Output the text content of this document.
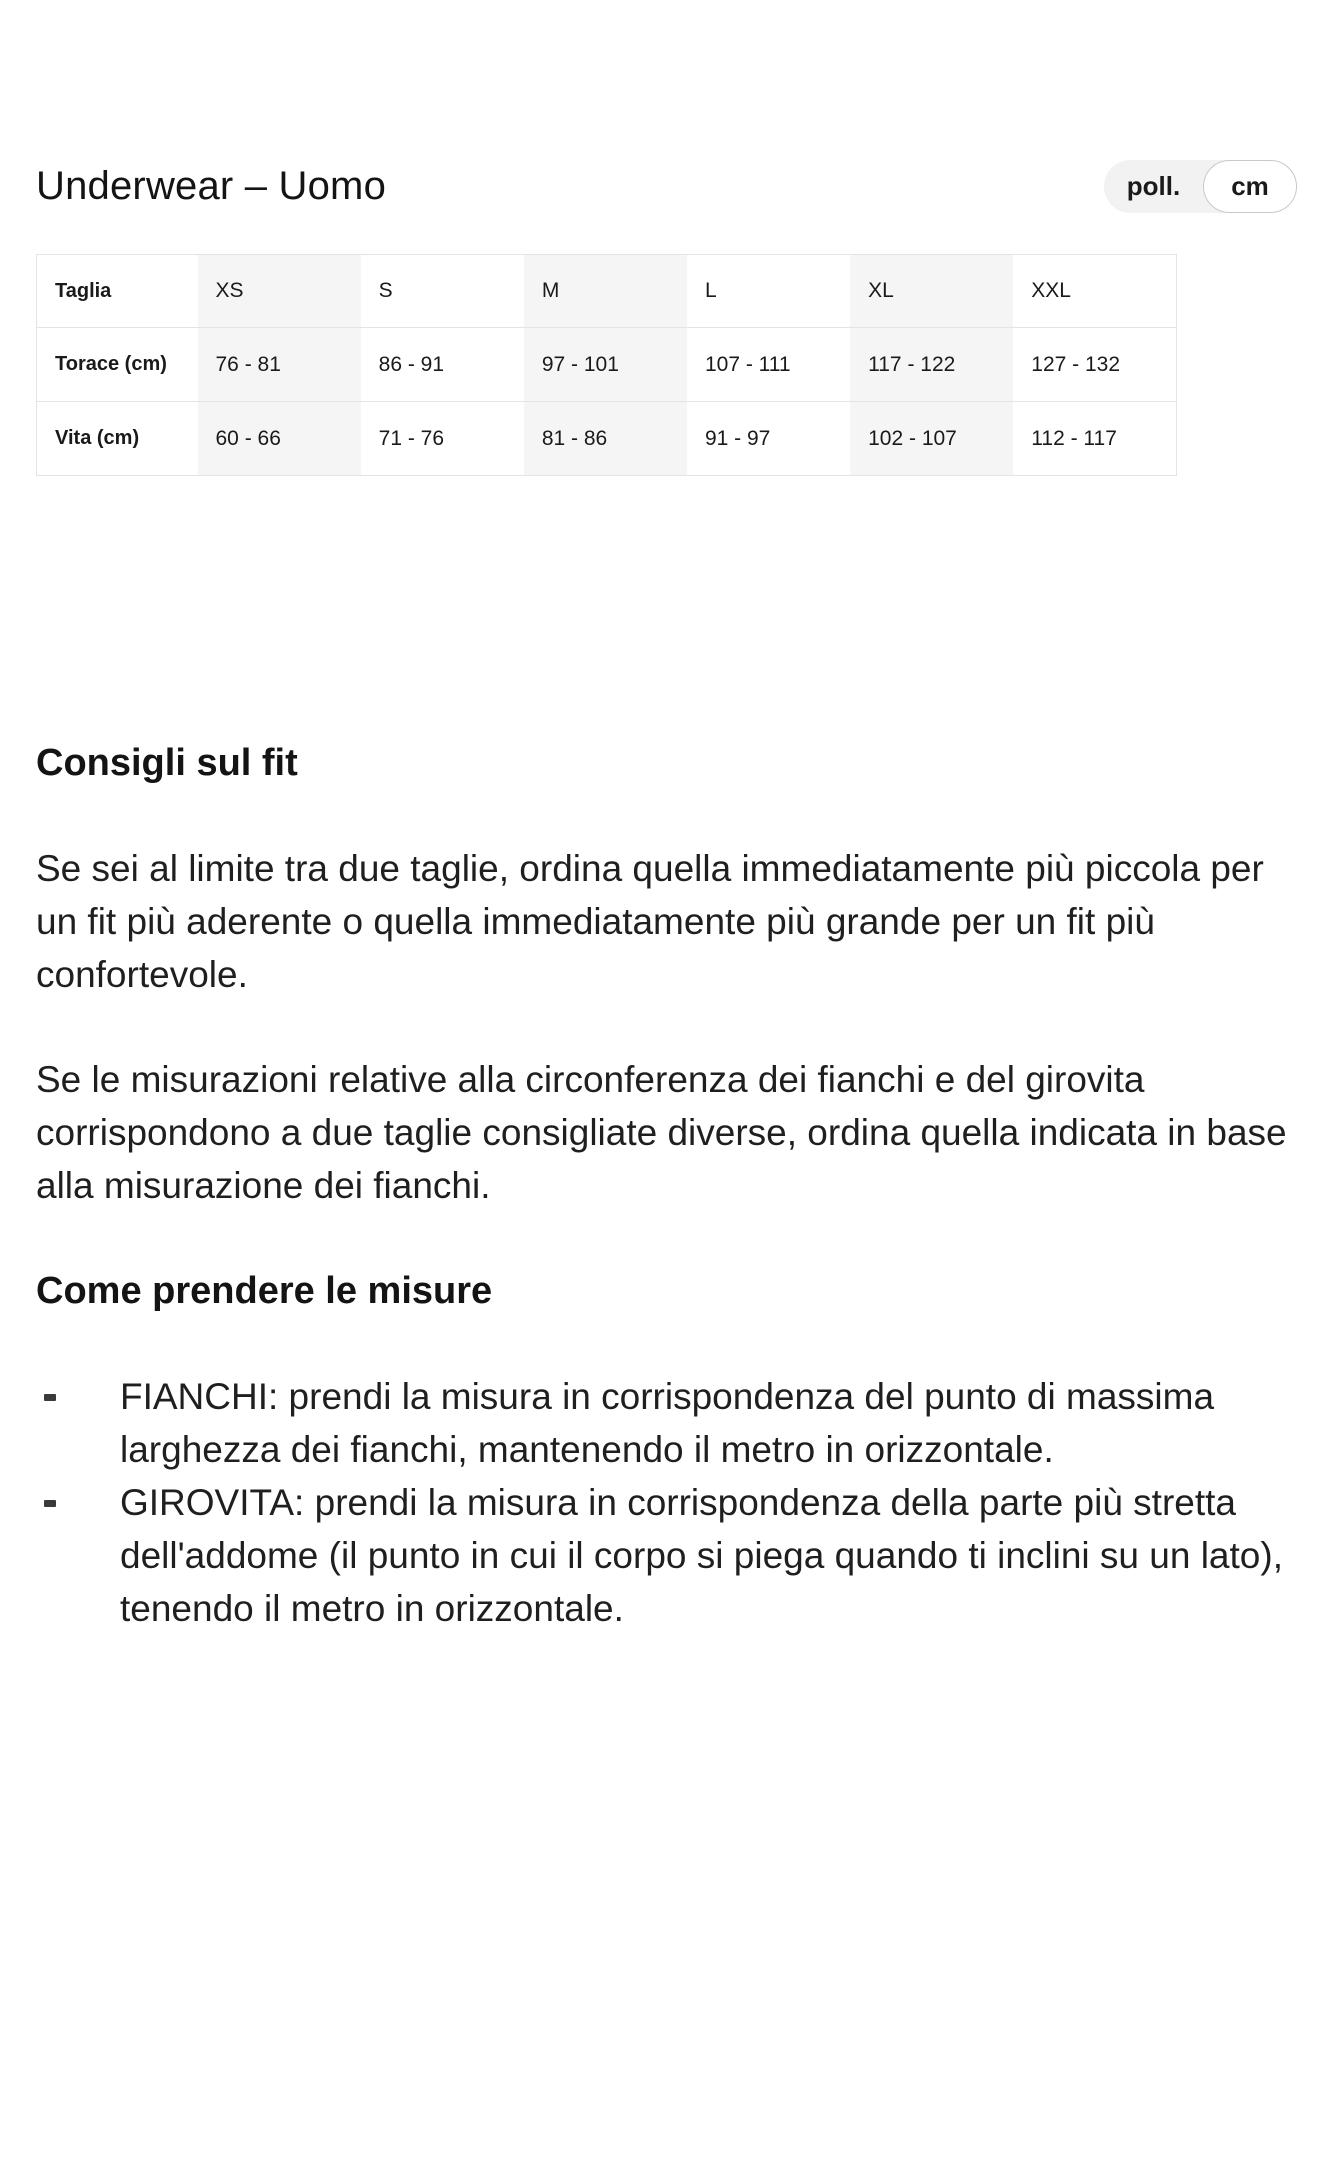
Underwear – Uomo	poll.	cm
Taglia	XS	S	M	L	XL	XXL
Torace (cm)	76 - 81	86 - 91	97 - 101	107 - 111	117 - 122	127 - 132
Vita (cm)	60 - 66	71 - 76	81 - 86	91 - 97	102 - 107	112 - 117
Consigli sul fit

Se sei al limite tra due taglie, ordina quella immediatamente più piccola per un fit più aderente o quella immediatamente più grande per un fit più confortevole.

Se le misurazioni relative alla circonferenza dei fianchi e del girovita corrispondono a due taglie consigliate diverse, ordina quella indicata in base alla misurazione dei fianchi.

Come prendere le misure
FIANCHI: prendi la misura in corrispondenza del punto di massima larghezza dei fianchi, mantenendo il metro in orizzontale.
GIROVITA: prendi la misura in corrispondenza della parte più stretta dell'addome (il punto in cui il corpo si piega quando ti inclini su un lato), tenendo il metro in orizzontale.
